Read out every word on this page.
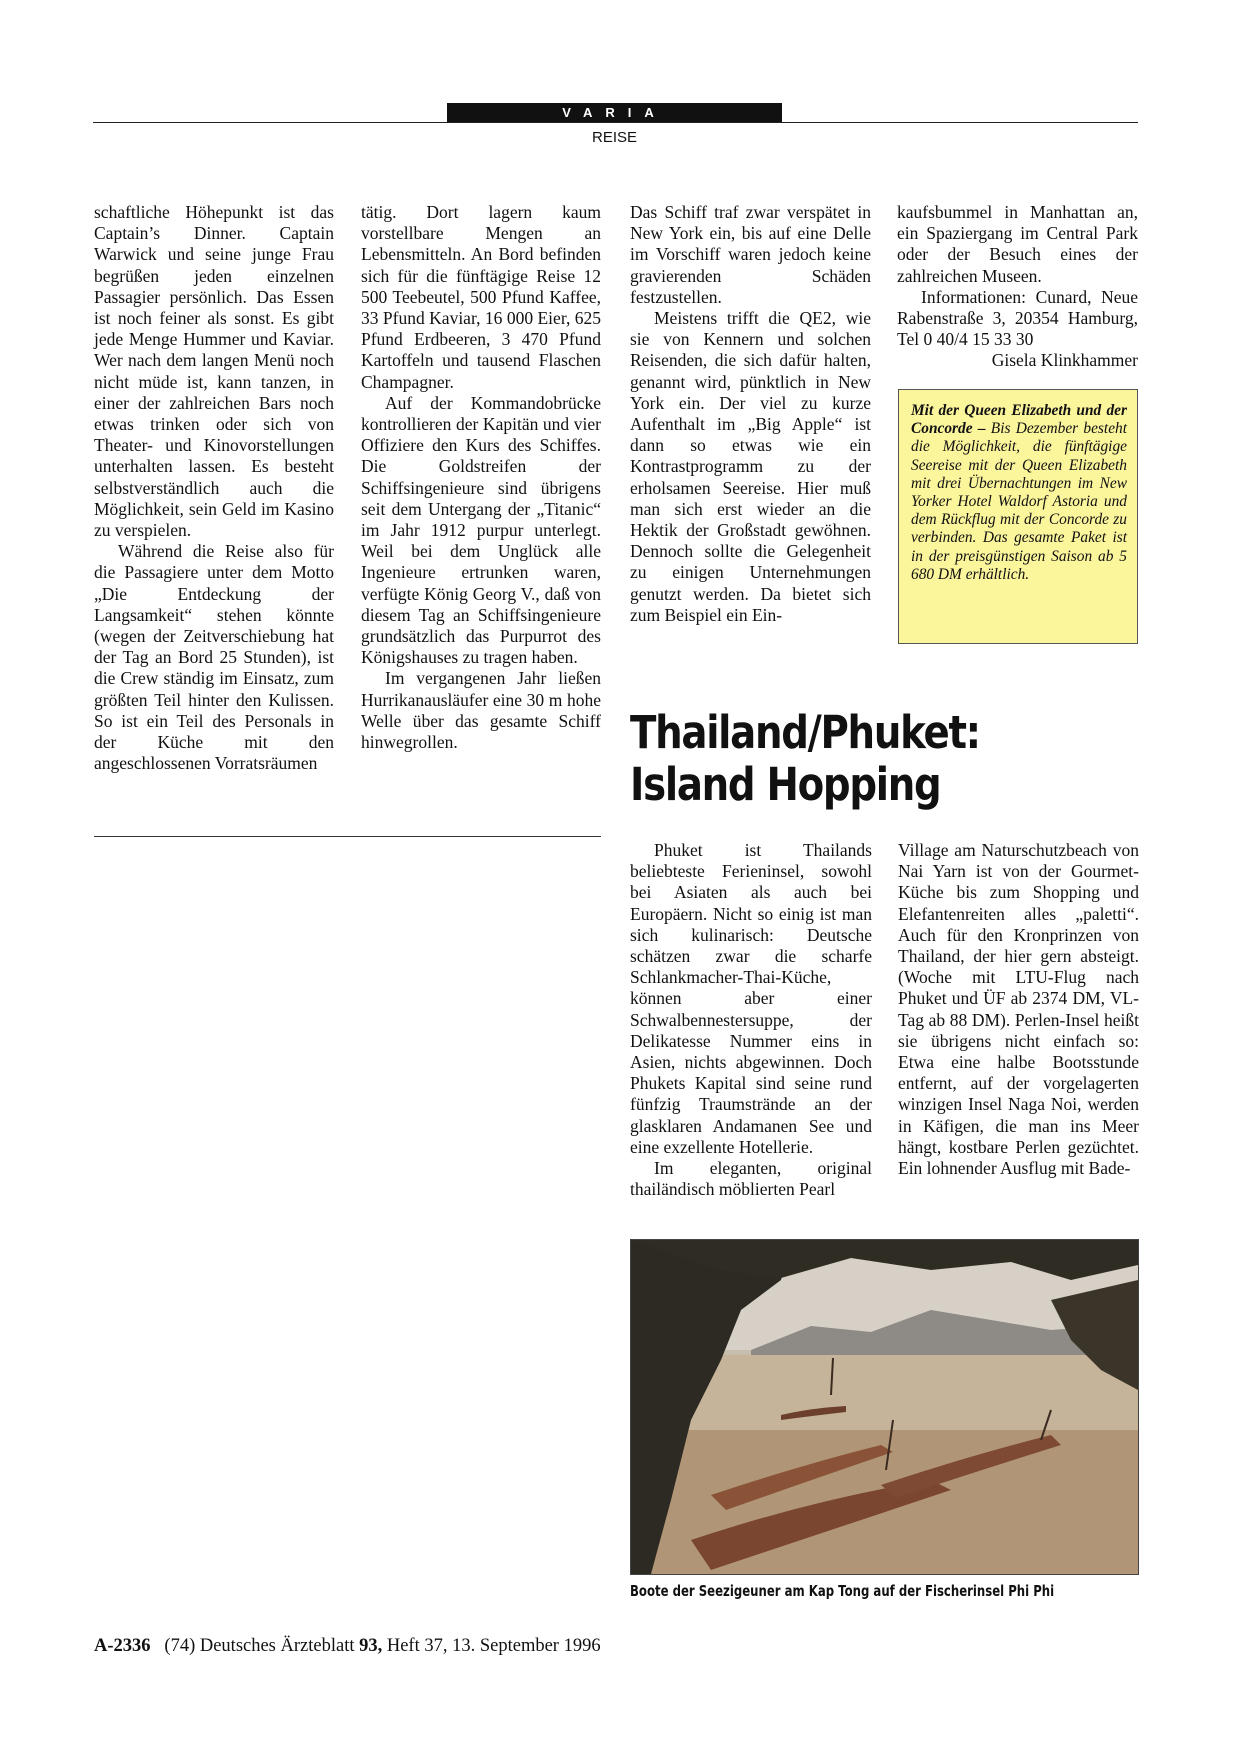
VARIA
REISE

schaftliche Höhepunkt ist das Captain’s Dinner. Captain Warwick und seine junge Frau begrüßen jeden einzelnen Passagier persönlich. Das Essen ist noch feiner als sonst. Es gibt jede Menge Hummer und Kaviar. Wer nach dem langen Menü noch nicht müde ist, kann tanzen, in einer der zahlreichen Bars noch etwas trinken oder sich von Theater- und Kinovorstellungen unterhalten lassen. Es besteht selbstverständlich auch die Möglichkeit, sein Geld im Kasino zu verspielen.

Während die Reise also für die Passagiere unter dem Motto „Die Entdeckung der Langsamkeit“ stehen könnte (wegen der Zeitverschiebung hat der Tag an Bord 25 Stunden), ist die Crew ständig im Einsatz, zum größten Teil hinter den Kulissen. So ist ein Teil des Personals in der Küche mit den angeschlossenen Vorratsräumen

tätig. Dort lagern kaum vorstellbare Mengen an Lebensmitteln. An Bord befinden sich für die fünftägige Reise 12 500 Teebeutel, 500 Pfund Kaffee, 33 Pfund Kaviar, 16 000 Eier, 625 Pfund Erdbeeren, 3 470 Pfund Kartoffeln und tausend Flaschen Champagner.

Auf der Kommandobrücke kontrollieren der Kapitän und vier Offiziere den Kurs des Schiffes. Die Goldstreifen der Schiffsingenieure sind übrigens seit dem Untergang der „Titanic“ im Jahr 1912 purpur unterlegt. Weil bei dem Unglück alle Ingenieure ertrunken waren, verfügte König Georg V., daß von diesem Tag an Schiffsingenieure grundsätzlich das Purpurrot des Königshauses zu tragen haben.

Im vergangenen Jahr ließen Hurrikanausläufer eine 30 m hohe Welle über das gesamte Schiff hinwegrollen.

Das Schiff traf zwar verspätet in New York ein, bis auf eine Delle im Vorschiff waren jedoch keine gravierenden Schäden festzustellen.

Meistens trifft die QE2, wie sie von Kennern und solchen Reisenden, die sich dafür halten, genannt wird, pünktlich in New York ein. Der viel zu kurze Aufenthalt im „Big Apple“ ist dann so etwas wie ein Kontrastprogramm zu der erholsamen Seereise. Hier muß man sich erst wieder an die Hektik der Großstadt gewöhnen. Dennoch sollte die Gelegenheit zu einigen Unternehmungen genutzt werden. Da bietet sich zum Beispiel ein Ein-

kaufsbummel in Manhattan an, ein Spaziergang im Central Park oder der Besuch eines der zahlreichen Museen.

Informationen: Cunard, Neue Rabenstraße 3, 20354 Hamburg, Tel 0 40/4 15 33 30

Gisela Klinkhammer

Mit der Queen Elizabeth und der Concorde – Bis Dezember besteht die Möglichkeit, die fünftägige Seereise mit der Queen Elizabeth mit drei Übernachtungen im New Yorker Hotel Waldorf Astoria und dem Rückflug mit der Concorde zu verbinden. Das gesamte Paket ist in der preisgünstigen Saison ab 5 680 DM erhältlich.
Thailand/Phuket:
Island Hopping

Phuket ist Thailands beliebteste Ferieninsel, sowohl bei Asiaten als auch bei Europäern. Nicht so einig ist man sich kulinarisch: Deutsche schätzen zwar die scharfe Schlankmacher-Thai-Küche, können aber einer Schwalbennestersuppe, der Delikatesse Nummer eins in Asien, nichts abgewinnen. Doch Phukets Kapital sind seine rund fünfzig Traumstrände an der glasklaren Andamanen See und eine exzellente Hotellerie.

Im eleganten, original thailändisch möblierten Pearl

Village am Naturschutzbeach von Nai Yarn ist von der Gourmet-Küche bis zum Shopping und Elefantenreiten alles „paletti“. Auch für den Kronprinzen von Thailand, der hier gern absteigt. (Woche mit LTU-Flug nach Phuket und ÜF ab 2374 DM, VL-Tag ab 88 DM). Perlen-Insel heißt sie übrigens nicht einfach so: Etwa eine halbe Bootsstunde entfernt, auf der vorgelagerten winzigen Insel Naga Noi, werden in Käfigen, die man ins Meer hängt, kostbare Perlen gezüchtet. Ein lohnender Ausflug mit Bade-

Boote der Seezigeuner am Kap Tong auf der Fischerinsel Phi Phi
A-2336 (74) Deutsches Ärzteblatt 93, Heft 37, 13. September 1996
